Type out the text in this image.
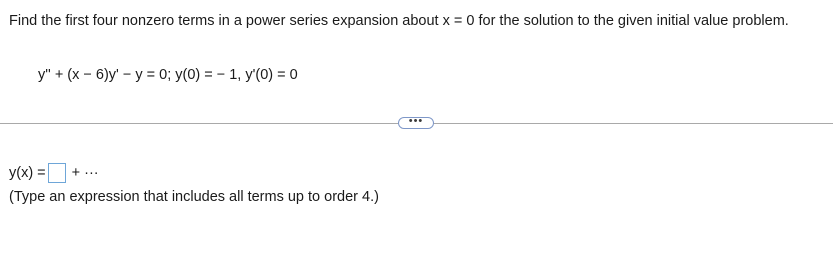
Find the first four nonzero terms in a power series expansion about x = 0 for the solution to the given initial value problem.
y'' + (x − 6)y' − y = 0; y(0) = − 1, y'(0) = 0
•••
y(x) = + ···
(Type an expression that includes all terms up to order 4.)
